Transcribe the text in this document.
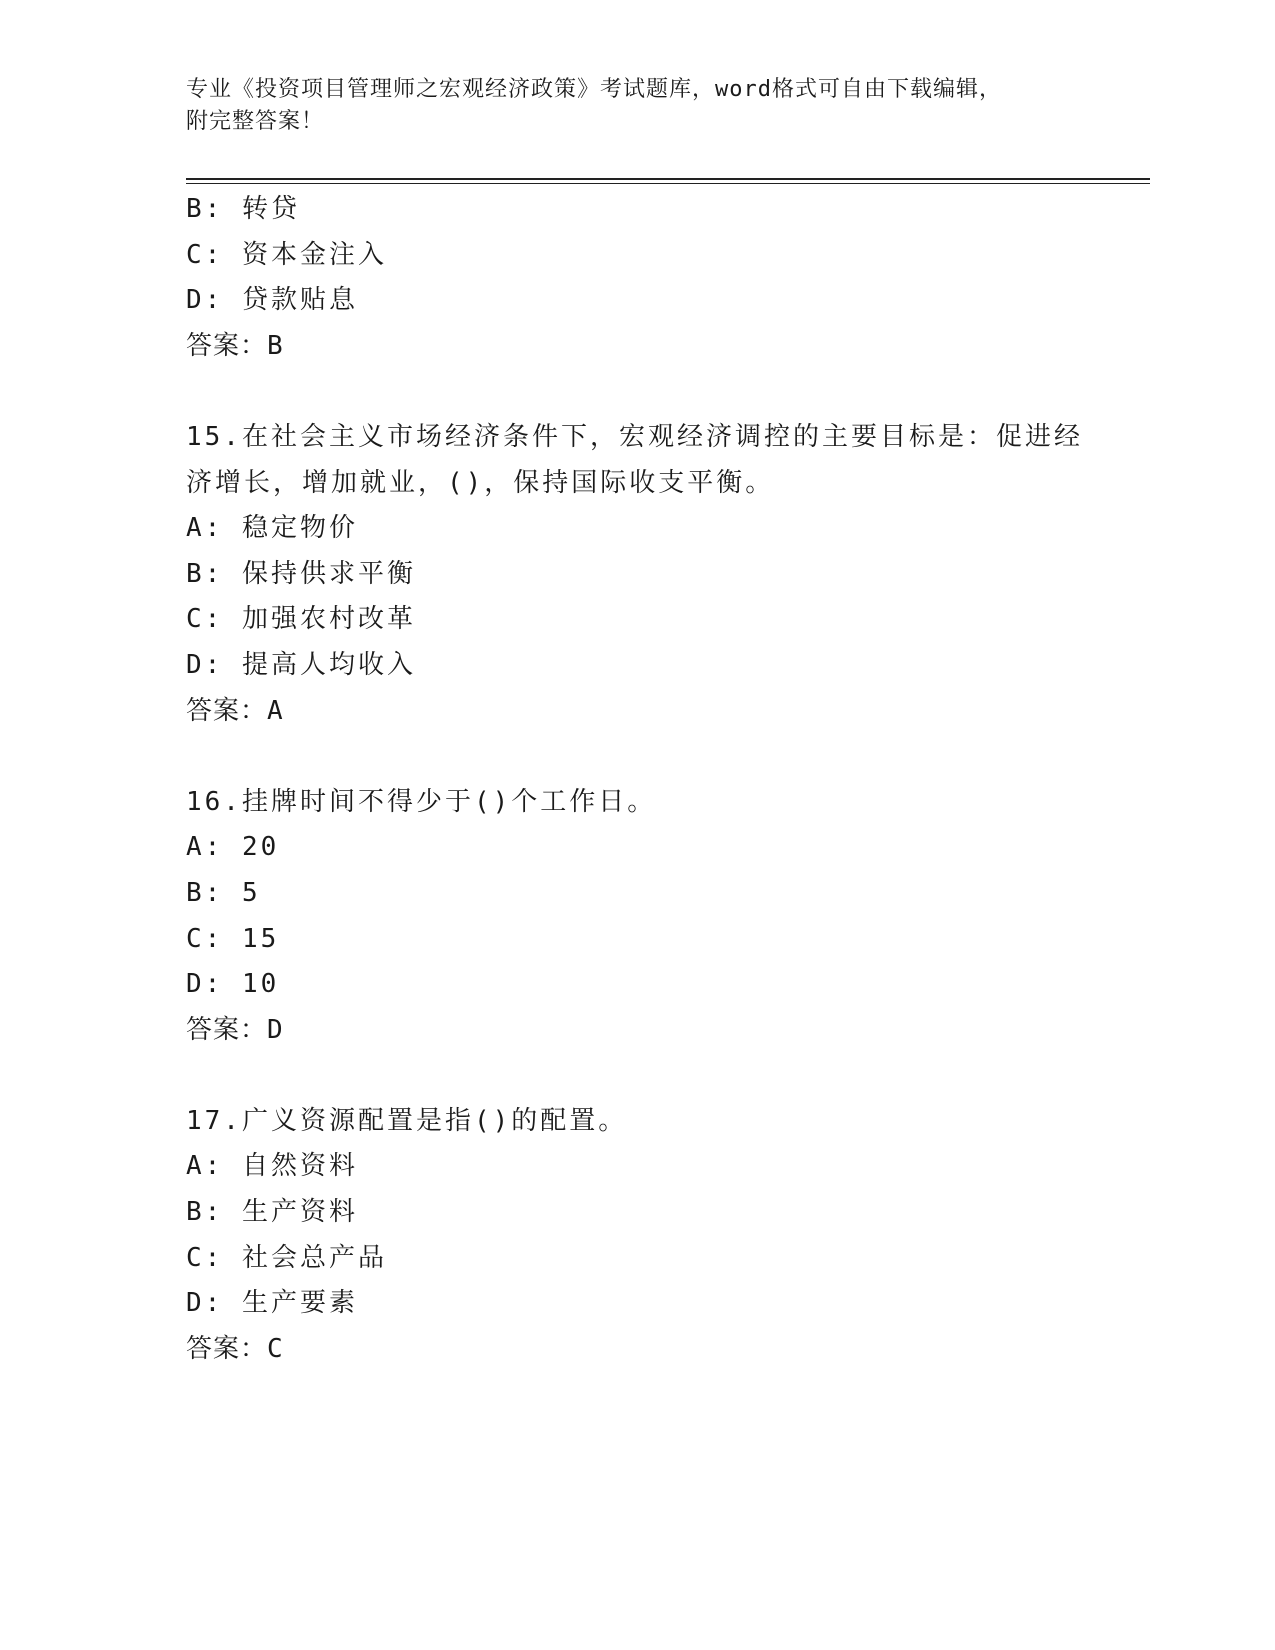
专业《投资项目管理师之宏观经济政策》考试题库，word格式可自由下载编辑，
附完整答案！
B: 转贷
C: 资本金注入
D: 贷款贴息
答案：B
15.在社会主义市场经济条件下，宏观经济调控的主要目标是：促进经
济增长，增加就业，()，保持国际收支平衡。
A: 稳定物价
B: 保持供求平衡
C: 加强农村改革
D: 提高人均收入
答案：A
16.挂牌时间不得少于()个工作日。
A: 20
B: 5
C: 15
D: 10
答案：D
17.广义资源配置是指()的配置。
A: 自然资料
B: 生产资料
C: 社会总产品
D: 生产要素
答案：C
